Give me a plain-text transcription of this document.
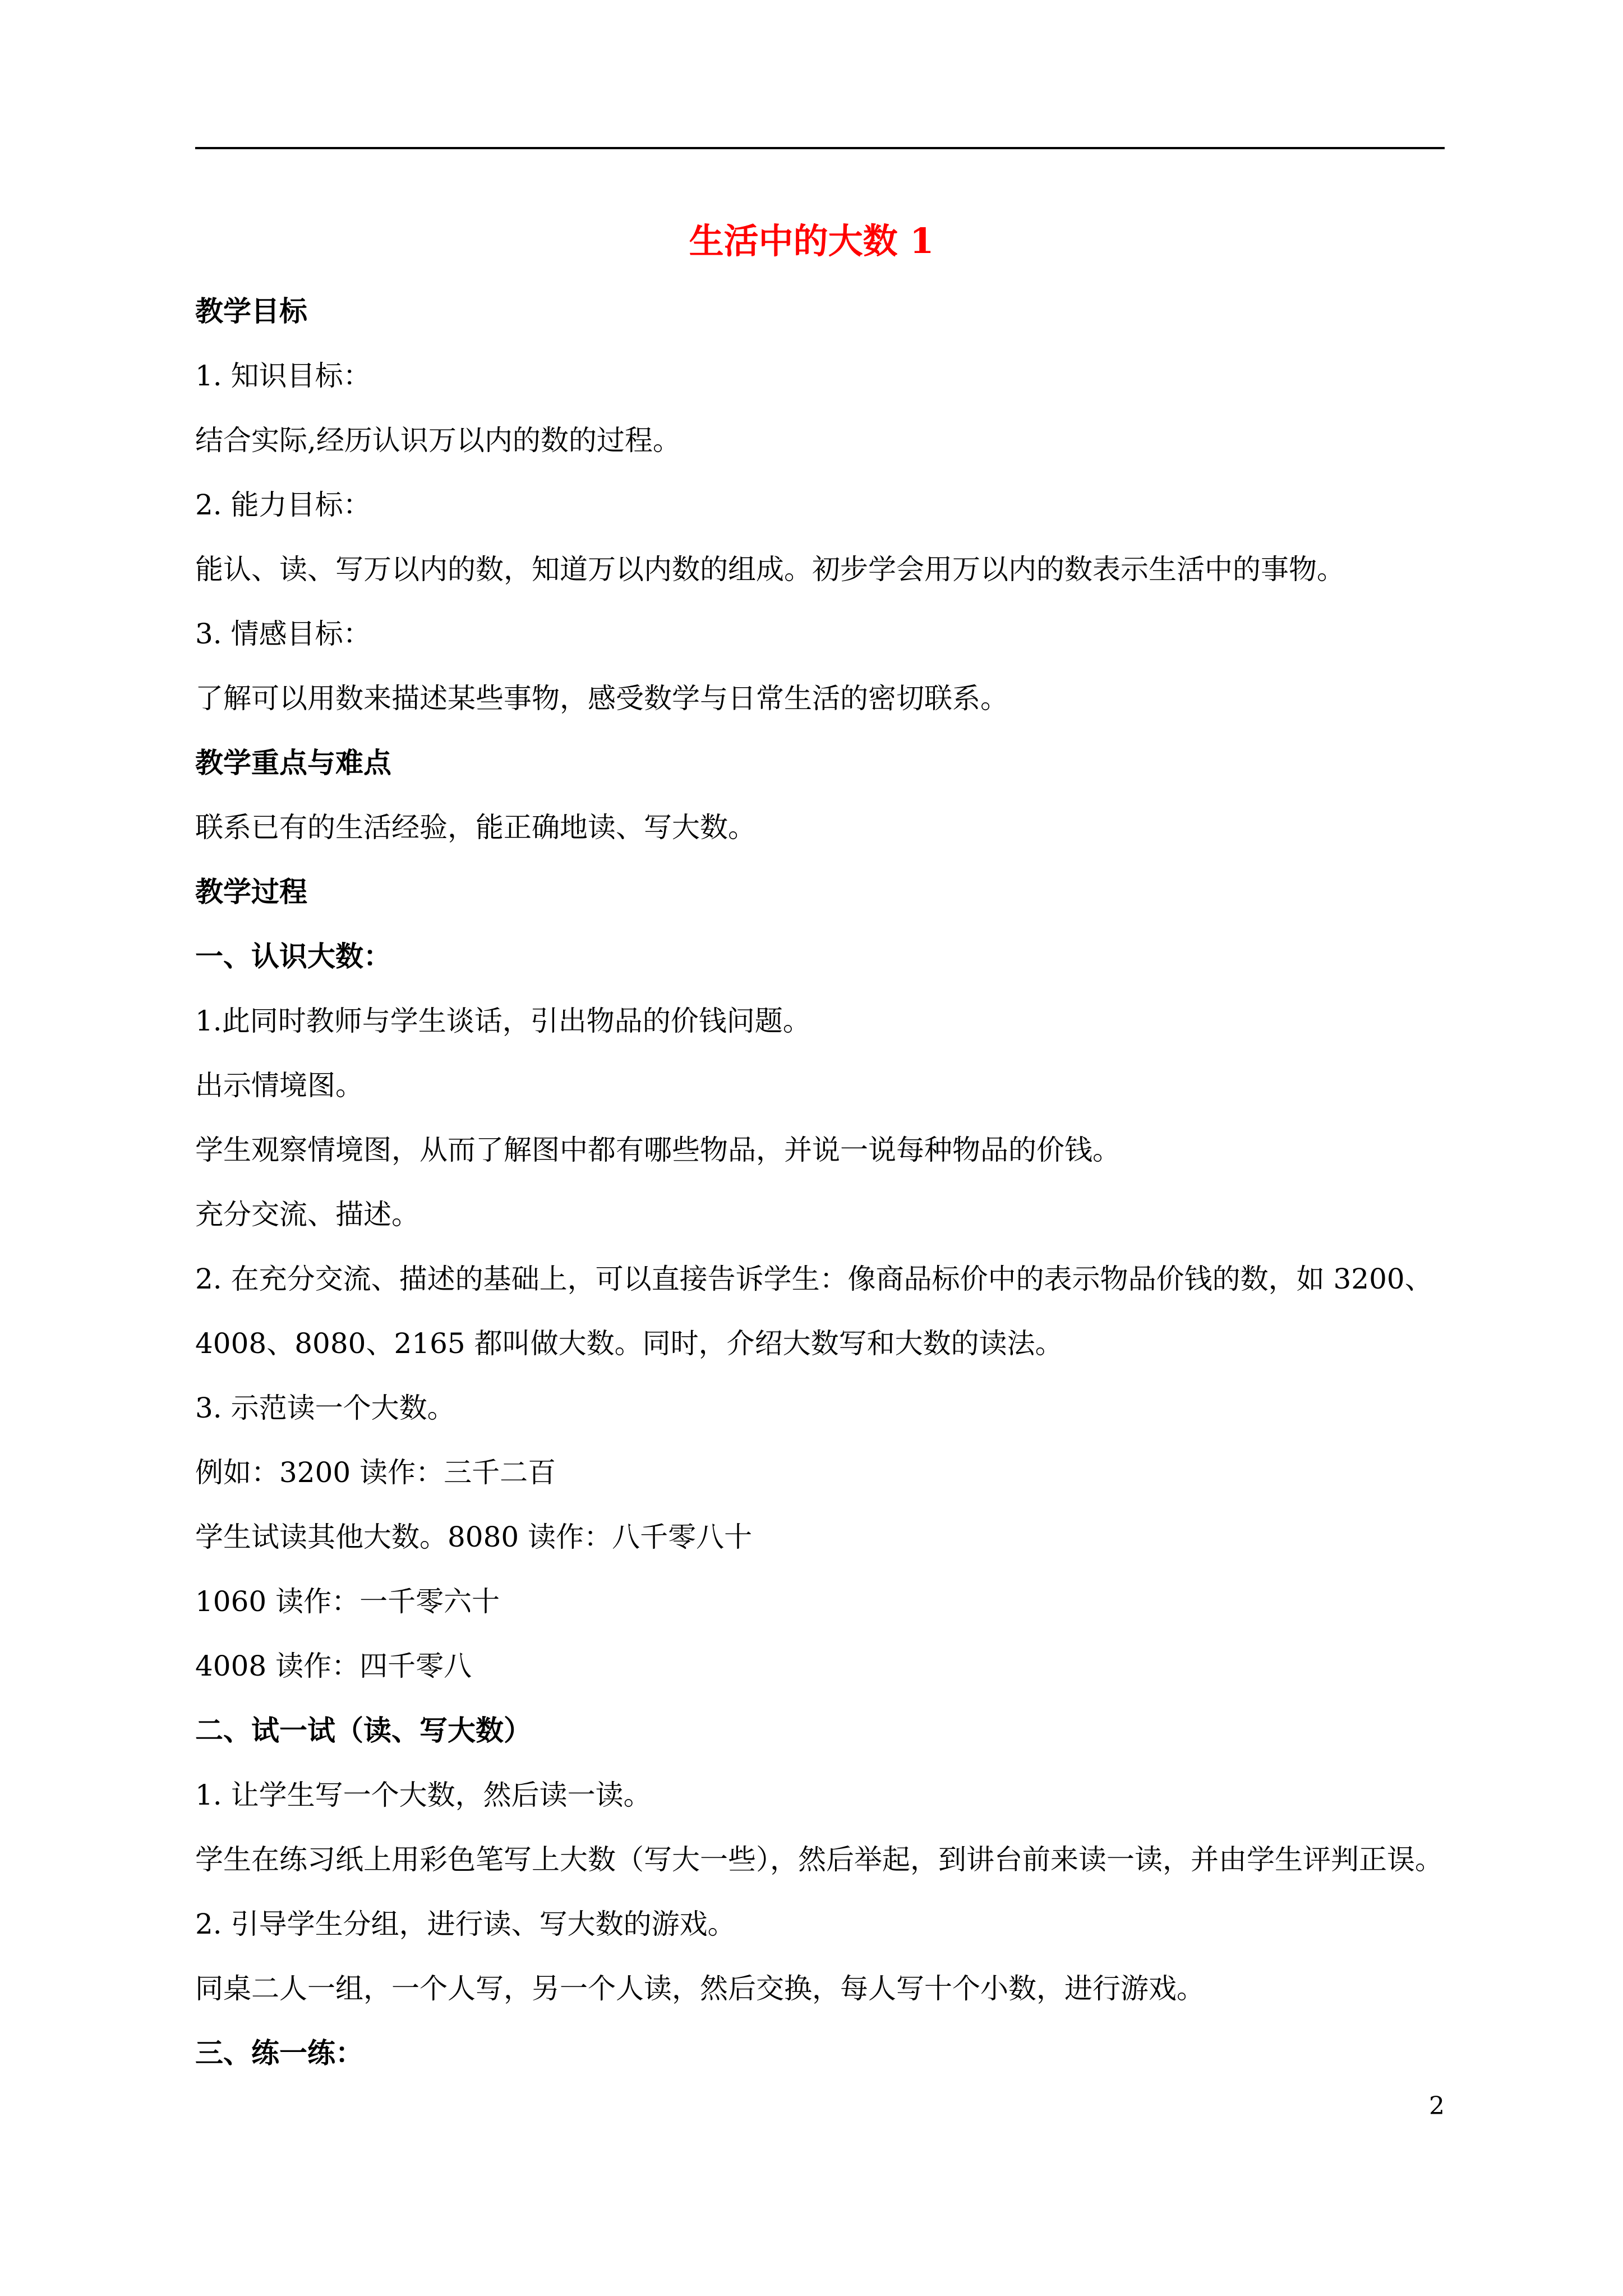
生活中的大数 1
教学目标
1. 知识目标：
结合实际,经历认识万以内的数的过程。
2. 能力目标：
能认、读、写万以内的数，知道万以内数的组成。初步学会用万以内的数表示生活中的事物。
3. 情感目标：
了解可以用数来描述某些事物，感受数学与日常生活的密切联系。
教学重点与难点
联系已有的生活经验，能正确地读、写大数。
教学过程
一、认识大数：
1.此同时教师与学生谈话，引出物品的价钱问题。
出示情境图。
学生观察情境图，从而了解图中都有哪些物品，并说一说每种物品的价钱。
充分交流、描述。
2. 在充分交流、描述的基础上，可以直接告诉学生：像商品标价中的表示物品价钱的数，如 3200、
4008、8080、2165 都叫做大数。同时，介绍大数写和大数的读法。
3. 示范读一个大数。
例如：3200 读作：三千二百
学生试读其他大数。8080 读作：八千零八十
1060 读作：一千零六十
4008 读作：四千零八
二、试一试（读、写大数）
1. 让学生写一个大数，然后读一读。
学生在练习纸上用彩色笔写上大数（写大一些），然后举起，到讲台前来读一读，并由学生评判正误。
2. 引导学生分组，进行读、写大数的游戏。
同桌二人一组，一个人写，另一个人读，然后交换，每人写十个小数，进行游戏。
三、练一练：
2
